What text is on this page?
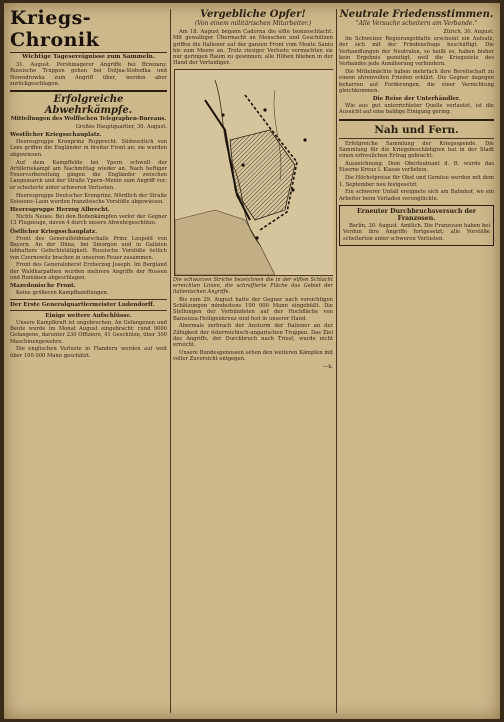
Kriegs-Chronik
Wichtige Tagesereignisse zum Sammeln.

31. August. Pershinagerer Angriffe bei Brzezany. Russische Truppen gehen bei Doljna-Slobodka und Nowodrowka zum Angriff über, werden aber zurückgeschlagen.

Erfolgreiche Abwehrkämpfe.
Mitteilungen des Wolffschen Telegraphen-Bureaus.
Großes Hauptquartier, 30. August.
Westlicher Kriegsschauplatz.

Heeresgruppe Kronprinz Rupprecht. Südwestlich von Lens griffen die Engländer in breiter Front an; sie wurden abgewiesen.

Auf dem Kampffelde bei Ypern schwoll der Artilleriekampf am Nachmittag wieder an. Nach heftiger Feuervorbereitung gingen die Engländer zwischen Langemarck und der Straße Ypern–Menin zum Angriff vor; er scheiterte unter schweren Verlusten.

Heeresgruppe Deutscher Kronprinz. Nördlich der Straße Soissons–Laon wurden französische Vorstöße abgewiesen.

Heeresgruppe Herzog Albrecht.

Nichts Neues. Bei den Bodenkämpfen verlor der Gegner 13 Flugzeuge, davon 4 durch unsere Abwehrgeschütze.

Östlicher Kriegsschauplatz.

Front des Generalfeldmarschalls Prinz Leopold von Bayern. An der Düna, bei Smorgon und in Galizien lebhaftere Gefechtstätigkeit. Russische Vorstöße östlich von Czernowitz brachen in unserem Feuer zusammen.

Front des Generaloberst Erzherzog Joseph. Im Bergland der Waldkarpathen wurden mehrere Angriffe der Russen und Rumänen abgeschlagen.

Mazedonische Front.

Keine größeren Kampfhandlungen.

Der Erste Generalquartiermeister Ludendorff.
Einige weitere Aufschlüsse.

Unsere Kampfkraft ist ungebrochen. An Gefangenen und Beute wurde im Monat August eingebracht: rund 9000 Gefangene, darunter 230 Offiziere, 41 Geschütze, über 300 Maschinengewehre.

Die englischen Verluste in Flandern werden auf weit über 100 000 Mann geschätzt.

Vergebliche Opfer!
(Von einem militärischen Mitarbeiter.)

Am 18. August begann Cadorna die elfte Isonzoschlacht. Mit gewaltiger Übermacht an Menschen und Geschützen griffen die Italiener auf der ganzen Front vom Monte Santo bis zum Meere an. Trotz riesiger Verluste vermochten sie nur geringen Raum zu gewinnen; alle Höhen blieben in der Hand der Verteidiger.

Die schwarzen Striche bezeichnen die in der elften Schlacht erreichten Linien, die schraffierte Fläche das Gebiet der italienischen Angriffe.

Bis zum 29. August hatte der Gegner nach vorsichtigen Schätzungen mindestens 100 000 Mann eingebüßt. Die Stellungen der Verbündeten auf der Hochfläche von Bainsizza-Heiligenkreuz sind fest in unserer Hand.

Abermals zerbrach der Ansturm der Italiener an der Zähigkeit der österreichisch-ungarischen Truppen. Das Ziel des Angriffs, der Durchbruch nach Triest, wurde nicht erreicht.

Unsere Bundesgenossen sehen den weiteren Kämpfen mit voller Zuversicht entgegen.

—k.
Neutrale Friedensstimmen.
"Alle Versuche scheitern am Verbande."
Zürich, 30. August.

Im Schweizer Regierungsblatte erscheint ein Aufsatz, der sich mit der Friedensfrage beschäftigt. Die Verhandlungen der Neutralen, so heißt es, haben bisher kein Ergebnis gezeitigt, weil die Kriegsziele des Verbandes jede Annäherung verhindern.

Die Mittelmächte haben mehrfach ihre Bereitschaft zu einem ehrenvollen Frieden erklärt. Die Gegner dagegen beharren auf Forderungen, die einer Vernichtung gleichkommen.

Die Reise der Unterhändler.

Wie aus gut unterrichteter Quelle verlautet, ist die Aussicht auf eine baldige Einigung gering.

Nah und Fern.

Erfolgreiche Sammlung der Kriegsspende. Die Sammlung für die Kriegsbeschädigten hat in der Stadt einen erfreulichen Ertrag gebracht.

Auszeichnung. Dem Oberleutnant d. R. wurde das Eiserne Kreuz I. Klasse verliehen.

Die Höchstpreise für Obst und Gemüse werden mit dem 1. September neu festgesetzt.

Ein schwerer Unfall ereignete sich am Bahnhof, wo ein Arbeiter beim Verladen verunglückte.

Erneuter Durchbruchsversuch der Franzosen.

Berlin, 30. August. Amtlich. Die Franzosen haben bei Verdun ihre Angriffe fortgesetzt; alle Vorstöße scheiterten unter schweren Verlusten.
